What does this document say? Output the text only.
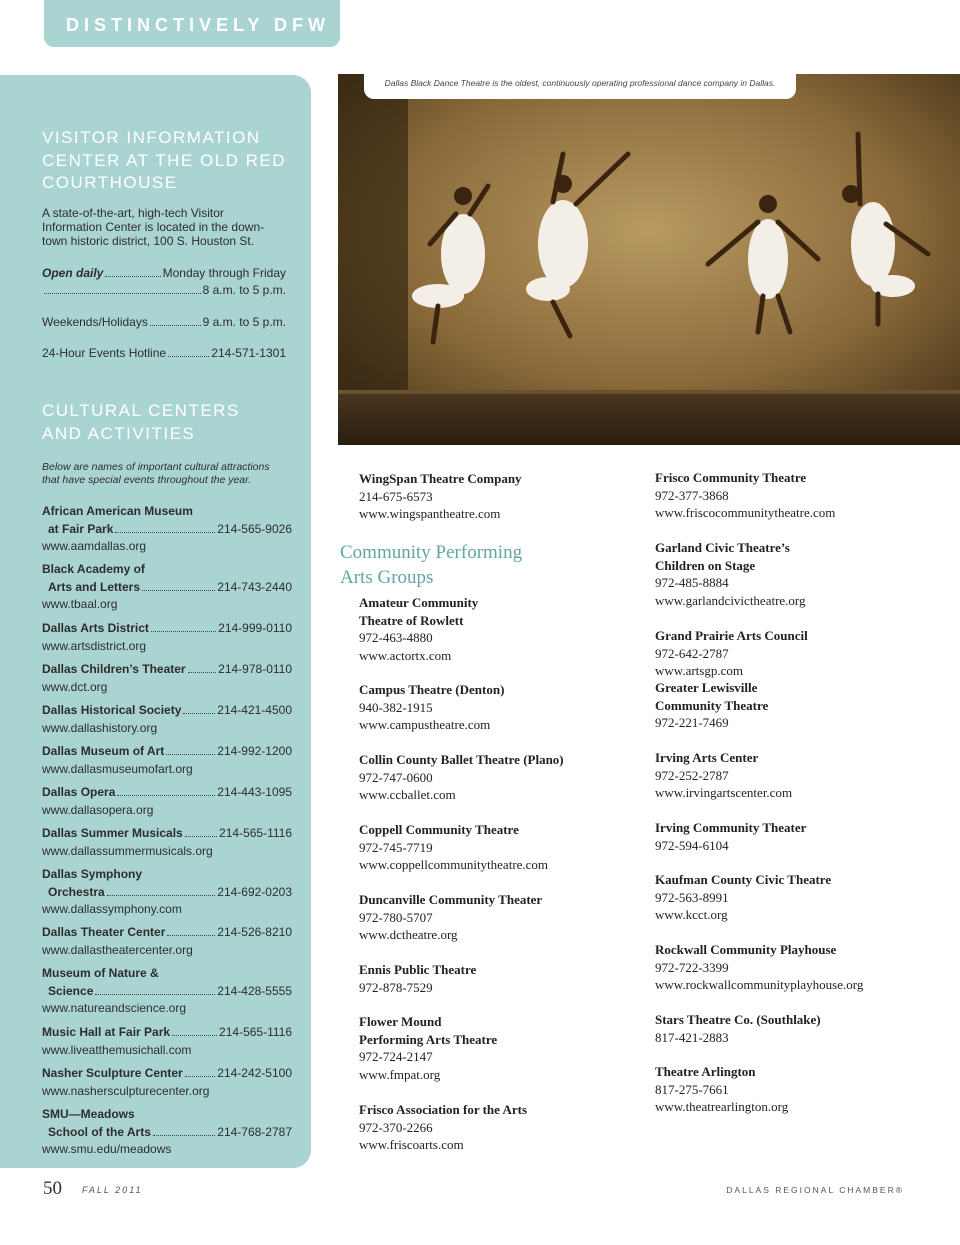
DISTINCTIVELY DFW
VISITOR INFORMATION
CENTER AT THE OLD RED
COURTHOUSE
A state-of-the-art, high-tech Visitor
Information Center is located in the down-
town historic district, 100 S. Houston St.
Open daily	Monday through Friday
8 a.m. to 5 p.m.
Weekends/Holidays	9 a.m. to 5 p.m.
24-Hour Events Hotline	214-571-1301
CULTURAL CENTERS
AND ACTIVITIES
Below are names of important cultural attractions
that have special events throughout the year.
African American Museum
at Fair Park	214-565-9026
www.aamdallas.org
Black Academy of
Arts and Letters	214-743-2440
www.tbaal.org
Dallas Arts District	214-999-0110
www.artsdistrict.org
Dallas Children’s Theater	214-978-0110
www.dct.org
Dallas Historical Society	214-421-4500
www.dallashistory.org
Dallas Museum of Art	214-992-1200
www.dallasmuseumofart.org
Dallas Opera	214-443-1095
www.dallasopera.org
Dallas Summer Musicals	214-565-1116
www.dallassummermusicals.org
Dallas Symphony
Orchestra	214-692-0203
www.dallassymphony.com
Dallas Theater Center	214-526-8210
www.dallastheatercenter.org
Museum of Nature &
Science	214-428-5555
www.natureandscience.org
Music Hall at Fair Park	214-565-1116
www.liveatthemusichall.com
Nasher Sculpture Center	214-242-5100
www.nashersculpturecenter.org
SMU—Meadows
School of the Arts	214-768-2787
www.smu.edu/meadows
Dallas Black Dance Theatre is the oldest, continuously operating professional dance company in Dallas.
WingSpan Theatre Company
214-675-6573
www.wingspantheatre.com
Community Performing
Arts Groups
Amateur Community
Theatre of Rowlett
972-463-4880
www.actortx.com
Campus Theatre (Denton)
940-382-1915
www.campustheatre.com
Collin County Ballet Theatre (Plano)
972-747-0600
www.ccballet.com
Coppell Community Theatre
972-745-7719
www.coppellcommunitytheatre.com
Duncanville Community Theater
972-780-5707
www.dctheatre.org
Ennis Public Theatre
972-878-7529
Flower Mound
Performing Arts Theatre
972-724-2147
www.fmpat.org
Frisco Association for the Arts
972-370-2266
www.friscoarts.com
Frisco Community Theatre
972-377-3868
www.friscocommunitytheatre.com
Garland Civic Theatre’s
Children on Stage
972-485-8884
www.garlandcivictheatre.org
Grand Prairie Arts Council
972-642-2787
www.artsgp.com
Greater Lewisville
Community Theatre
972-221-7469
Irving Arts Center
972-252-2787
www.irvingartscenter.com
Irving Community Theater
972-594-6104
Kaufman County Civic Theatre
972-563-8991
www.kcct.org
Rockwall Community Playhouse
972-722-3399
www.rockwallcommunityplayhouse.org
Stars Theatre Co. (Southlake)
817-421-2883
Theatre Arlington
817-275-7661
www.theatrearlington.org
50 FALL 2011	DALLAS REGIONAL CHAMBER®
